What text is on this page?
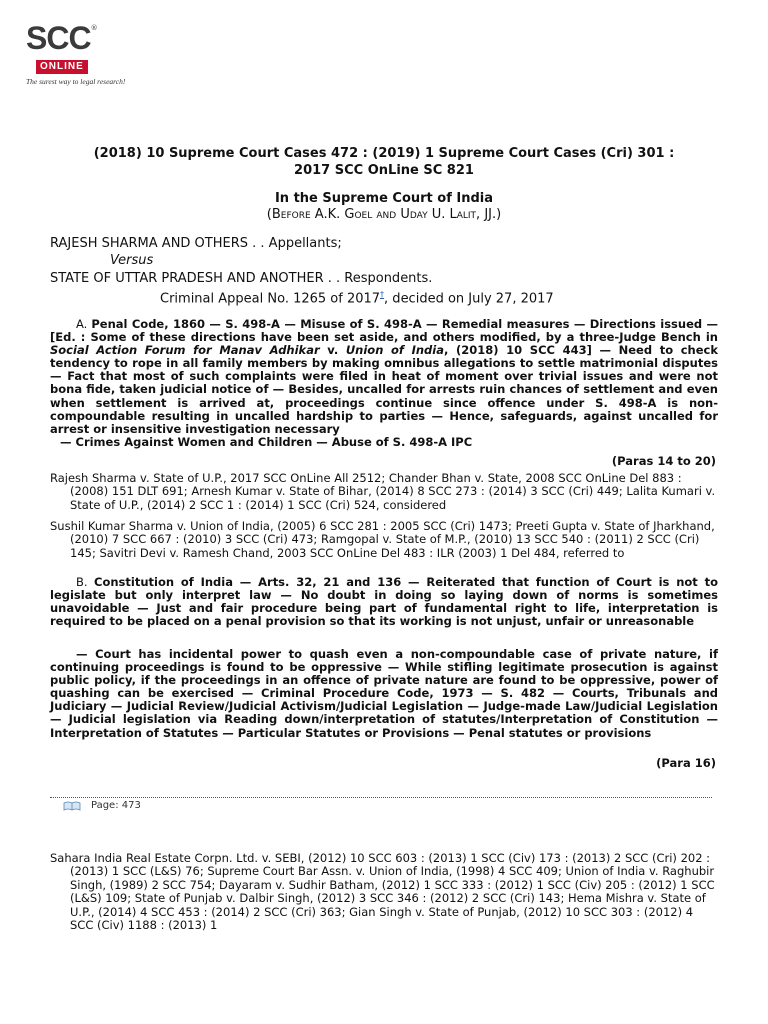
SCC®
ONLINE
The surest way to legal research!
(2018) 10 Supreme Court Cases 472 : (2019) 1 Supreme Court Cases (Cri) 301 :
2017 SCC OnLine SC 821
In the Supreme Court of India
(Before A.K. Goel and Uday U. Lalit, JJ.)
RAJESH SHARMA AND OTHERS . . Appellants;
Versus
STATE OF UTTAR PRADESH AND ANOTHER . . Respondents.
Criminal Appeal No. 1265 of 2017†, decided on July 27, 2017
A. Penal Code, 1860 — S. 498-A — Misuse of S. 498-A — Remedial measures — Directions issued — [Ed. : Some of these directions have been set aside, and others modified, by a three-Judge Bench in Social Action Forum for Manav Adhikar v. Union of India, (2018) 10 SCC 443] — Need to check tendency to rope in all family members by making omnibus allegations to settle matrimonial disputes — Fact that most of such complaints were filed in heat of moment over trivial issues and were not bona fide, taken judicial notice of — Besides, uncalled for arrests ruin chances of settlement and even when settlement is arrived at, proceedings continue since offence under S. 498-A is non-compoundable resulting in uncalled hardship to parties — Hence, safeguards, against uncalled for arrest or insensitive investigation necessary
— Crimes Against Women and Children — Abuse of S. 498-A IPC
(Paras 14 to 20)
Rajesh Sharma v. State of U.P., 2017 SCC OnLine All 2512; Chander Bhan v. State, 2008 SCC OnLine Del 883 : (2008) 151 DLT 691; Arnesh Kumar v. State of Bihar, (2014) 8 SCC 273 : (2014) 3 SCC (Cri) 449; Lalita Kumari v. State of U.P., (2014) 2 SCC 1 : (2014) 1 SCC (Cri) 524, considered
Sushil Kumar Sharma v. Union of India, (2005) 6 SCC 281 : 2005 SCC (Cri) 1473; Preeti Gupta v. State of Jharkhand, (2010) 7 SCC 667 : (2010) 3 SCC (Cri) 473; Ramgopal v. State of M.P., (2010) 13 SCC 540 : (2011) 2 SCC (Cri) 145; Savitri Devi v. Ramesh Chand, 2003 SCC OnLine Del 483 : ILR (2003) 1 Del 484, referred to
B. Constitution of India — Arts. 32, 21 and 136 — Reiterated that function of Court is not to legislate but only interpret law — No doubt in doing so laying down of norms is sometimes unavoidable — Just and fair procedure being part of fundamental right to life, interpretation is required to be placed on a penal provision so that its working is not unjust, unfair or unreasonable
— Court has incidental power to quash even a non-compoundable case of private nature, if continuing proceedings is found to be oppressive — While stifling legitimate prosecution is against public policy, if the proceedings in an offence of private nature are found to be oppressive, power of quashing can be exercised — Criminal Procedure Code, 1973 — S. 482 — Courts, Tribunals and Judiciary — Judicial Review/Judicial Activism/Judicial Legislation — Judge-made Law/Judicial Legislation — Judicial legislation via Reading down/interpretation of statutes/Interpretation of Constitution — Interpretation of Statutes — Particular Statutes or Provisions — Penal statutes or provisions
(Para 16)
Page: 473
Sahara India Real Estate Corpn. Ltd. v. SEBI, (2012) 10 SCC 603 : (2013) 1 SCC (Civ) 173 : (2013) 2 SCC (Cri) 202 : (2013) 1 SCC (L&S) 76; Supreme Court Bar Assn. v. Union of India, (1998) 4 SCC 409; Union of India v. Raghubir Singh, (1989) 2 SCC 754; Dayaram v. Sudhir Batham, (2012) 1 SCC 333 : (2012) 1 SCC (Civ) 205 : (2012) 1 SCC (L&S) 109; State of Punjab v. Dalbir Singh, (2012) 3 SCC 346 : (2012) 2 SCC (Cri) 143; Hema Mishra v. State of U.P., (2014) 4 SCC 453 : (2014) 2 SCC (Cri) 363; Gian Singh v. State of Punjab, (2012) 10 SCC 303 : (2012) 4 SCC (Civ) 1188 : (2013) 1
